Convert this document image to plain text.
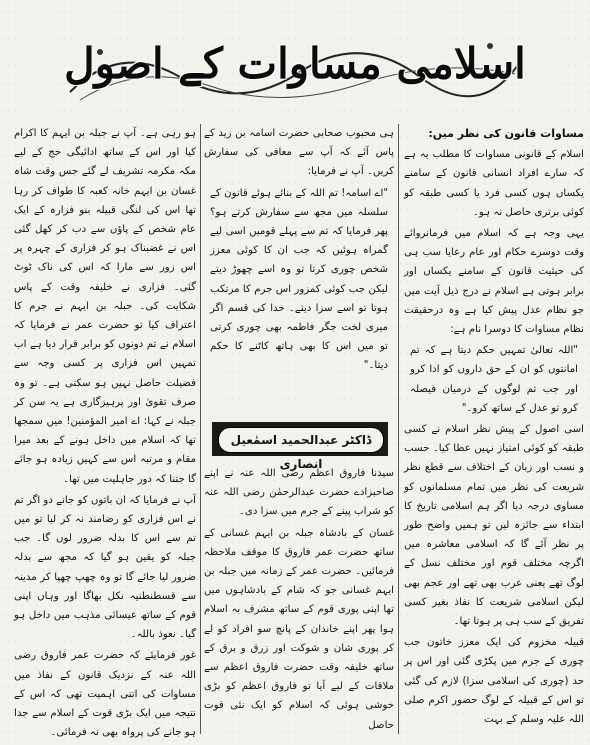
اسلامی مساوات کے اصول

مساوات قانون کی نظر میں:

اسلام کے قانونی مساوات کا مطلب یہ ہے کہ سارے افراد انسانی قانون کے سامنے یکساں ہوں کسی فرد یا کسی طبقہ کو کوئی برتری حاصل نہ ہو۔

یہی وجہ ہے کہ اسلام میں فرمانروائے وقت دوسرے حکام اور عام رعایا سب ہی کی حیثیت قانون کے سامنے یکساں اور برابر ہوتی ہے اسلام نے درج ذیل آیت میں جو نظام عدل پیش کیا ہے وہ درحقیقت نظام مساوات کا دوسرا نام ہے:

"اللہ تعالیٰ تمہیں حکم دیتا ہے کہ تم امانتوں کو ان کے حق داروں کو ادا کرو اور جب تم لوگوں کے درمیان فیصلہ کرو تو عدل کے ساتھ کرو۔"

اسی اصول کے پیش نظر اسلام نے کسی طبقہ کو کوئی امتیاز نہیں عطا کیا۔ حسب و نسب اور زبان کے اختلاف سے قطع نظر شریعت کی نظر میں تمام مسلمانوں کو مساوی درجہ دیا اگر ہم اسلامی تاریخ کا ابتداء سے جائزہ لیں تو ہمیں واضح طور پر نظر آئے گا کہ اسلامی معاشرہ میں اگرچہ مختلف قوم اور مختلف نسل کے لوگ تھے یعنی عرب بھی تھے اور عجم بھی لیکن اسلامی شریعت کا نفاذ بغیر کسی تفریق کے سب ہی پر ہوتا تھا۔

قبیلہ مخزوم کی ایک معزز خاتون جب چوری کے جرم میں پکڑی گئی اور اس پر حد (چوری کی اسلامی سزا) لازم کی گئی تو اس کے قبیلہ کے لوگ حضور اکرم صلی اللہ علیہ وسلم کے بہت

ہی محبوب صحابی حضرت اسامہ بن زید کے پاس آئے کہ آپ سے معافی کی سفارش کریں۔ آپ نے فرمایا:

"اے اسامہ! تم اللہ کے بنائے ہوئے قانون کے سلسلہ میں مجھ سے سفارش کرتے ہو؟ پھر فرمایا کہ تم سے پہلے قومیں اسی لیے گمراہ ہوئیں کہ جب ان کا کوئی معزز شخص چوری کرتا تو وہ اسے چھوڑ دیتے لیکن جب کوئی کمزور اس جرم کا مرتکب ہوتا تو اسے سزا دیتے۔ خدا کی قسم اگر میری لخت جگر فاطمہ بھی چوری کرتی تو میں اس کا بھی ہاتھ کاٹنے کا حکم دیتا۔"

ڈاکٹر عبدالحمید اسمٰعیل انصاری

سیدنا فاروق اعظم رضی اللہ عنہ نے اپنے صاحبزادے حضرت عبدالرحمٰن رضی اللہ عنہ کو شراب پینے کے جرم میں سزا دی۔

غسان کے بادشاہ جبلہ بن ایہم غسانی کے ساتھ حضرت عمر فاروق کا موقف ملاحظہ فرمائیں۔ حضرت عمر کے زمانہ میں جبلہ بن ایہم غسانی جو کہ شام کے بادشاہوں میں تھا اپنی پوری قوم کے ساتھ مشرف بہ اسلام ہوا پھر اپنے خاندان کے پانچ سو افراد کو لے کر پوری شان و شوکت اور زرق و برق کے ساتھ خلیفہ وقت حضرت فاروق اعظم سے ملاقات کے لیے آیا تو فاروق اعظم کو بڑی خوشی ہوئی کہ اسلام کو ایک نئی قوت حاصل

ہو رہی ہے۔ آپ نے جبلہ بن ایہم کا اکرام کیا اور اس کے ساتھ ادائیگی حج کے لیے مکہ مکرمہ تشریف لے گئے جس وقت شاہ غسان بن ایہم خانہ کعبہ کا طواف کر رہا تھا اس کی لنگی قبیلہ بنو فزارہ کے ایک عام شخص کے پاؤں سے دب کر کھل گئی اس نے غضبناک ہو کر فزاری کے چہرہ پر اس زور سے مارا کہ اس کی ناک ٹوٹ گئی۔ فزاری نے خلیفہ وقت کے پاس شکایت کی۔ جبلہ بن ایہم نے جرم کا اعتراف کیا تو حضرت عمر نے فرمایا کہ اسلام نے تم دونوں کو برابر قرار دیا ہے اب تمہیں اس فزاری پر کسی وجہ سے فضیلت حاصل نہیں ہو سکتی ہے۔ تو وہ صرف تقویٰ اور پرہیزگاری ہے یہ سن کر جبلہ نے کہا: اے امیر المؤمنین! میں سمجھا تھا کہ اسلام میں داخل ہونے کے بعد میرا مقام و مرتبہ اس سے کہیں زیادہ ہو جائے گا جتنا کہ دور جاہلیت میں تھا۔

آپ نے فرمایا کہ ان باتوں کو جانے دو اگر تم نے اس فزاری کو رضامند نہ کر لیا تو میں تم سے اس کا بدلہ ضرور لوں گا۔ جب جبلہ کو یقین ہو گیا کہ مجھ سے بدلہ ضرور لیا جائے گا تو وہ چھپ چھپا کر مدینہ سے قسطنطنیہ نکل بھاگا اور وہاں اپنی قوم کے ساتھ عیسائی مذہب میں داخل ہو گیا۔ نعوذ باللہ۔

غور فرمایئے کہ حضرت عمر فاروق رضی اللہ عنہ کے نزدیک قانون کے نفاذ میں مساوات کی اتنی اہمیت تھی کہ اس کے نتیجہ میں ایک بڑی قوت کے اسلام سے جدا ہو جانے کی پرواہ بھی نہ فرمائی۔
